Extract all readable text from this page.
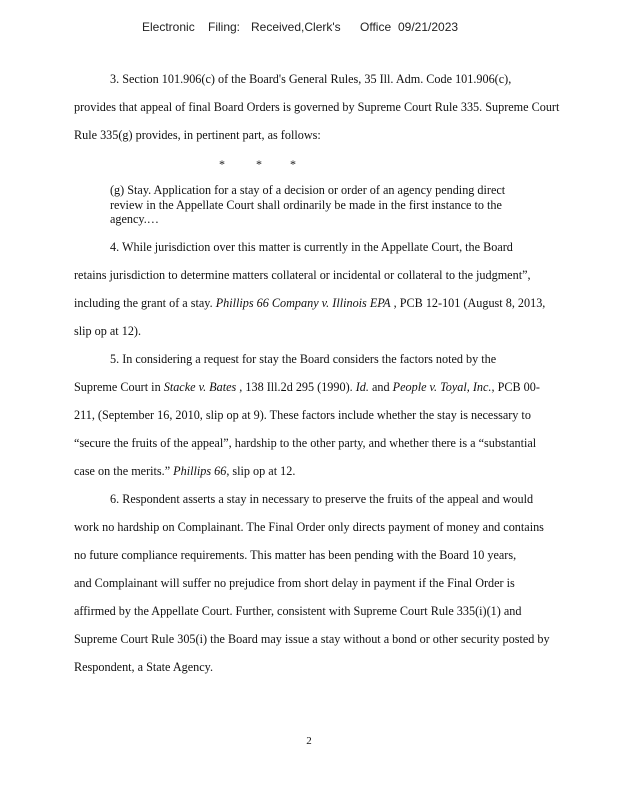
Electronic Filing: Received,Clerk's Office 09/21/2023
3. Section 101.906(c) of the Board's General Rules, 35 Ill. Adm. Code 101.906(c),
provides that appeal of final Board Orders is governed by Supreme Court Rule 335. Supreme Court
Rule 335(g) provides, in pertinent part, as follows:
*	* *
(g) Stay. Application for a stay of a decision or order of an agency pending direct
review in the Appellate Court shall ordinarily be made in the first instance to the
agency.…
4. While jurisdiction over this matter is currently in the Appellate Court, the Board
retains jurisdiction to determine matters collateral or incidental or collateral to the judgment”,
including the grant of a stay. Phillips 66 Company v. Illinois EPA , PCB 12-101 (August 8, 2013,
slip op at 12).
5. In considering a request for stay the Board considers the factors noted by the
Supreme Court in Stacke v. Bates , 138 Ill.2d 295 (1990). Id. and People v. Toyal, Inc., PCB 00-
211, (September 16, 2010, slip op at 9). These factors include whether the stay is necessary to
“secure the fruits of the appeal”, hardship to the other party, and whether there is a “substantial
case on the merits.” Phillips 66, slip op at 12.
6. Respondent asserts a stay in necessary to preserve the fruits of the appeal and would
work no hardship on Complainant. The Final Order only directs payment of money and contains
no future compliance requirements. This matter has been pending with the Board 10 years,
and Complainant will suffer no prejudice from short delay in payment if the Final Order is
affirmed by the Appellate Court. Further, consistent with Supreme Court Rule 335(i)(1) and
Supreme Court Rule 305(i) the Board may issue a stay without a bond or other security posted by
Respondent, a State Agency.
2
